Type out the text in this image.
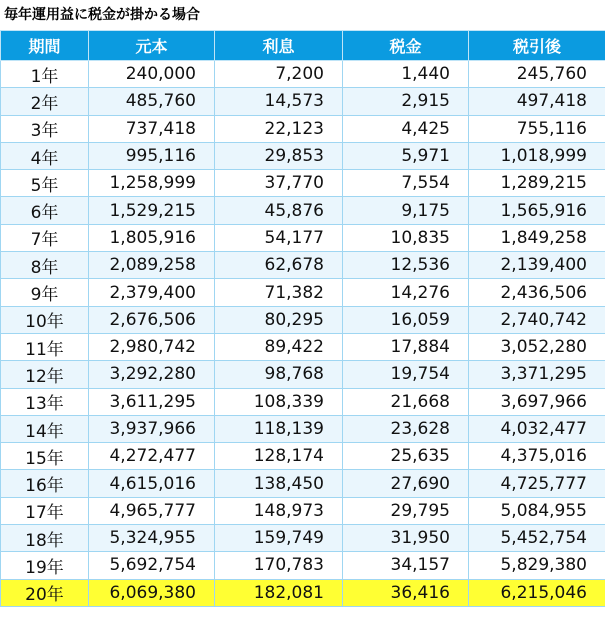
毎年運用益に税金が掛かる場合
期間	元本	利息	税金	税引後
1年	240,000	7,200	1,440	245,760
2年	485,760	14,573	2,915	497,418
3年	737,418	22,123	4,425	755,116
4年	995,116	29,853	5,971	1,018,999
5年	1,258,999	37,770	7,554	1,289,215
6年	1,529,215	45,876	9,175	1,565,916
7年	1,805,916	54,177	10,835	1,849,258
8年	2,089,258	62,678	12,536	2,139,400
9年	2,379,400	71,382	14,276	2,436,506
10年	2,676,506	80,295	16,059	2,740,742
11年	2,980,742	89,422	17,884	3,052,280
12年	3,292,280	98,768	19,754	3,371,295
13年	3,611,295	108,339	21,668	3,697,966
14年	3,937,966	118,139	23,628	4,032,477
15年	4,272,477	128,174	25,635	4,375,016
16年	4,615,016	138,450	27,690	4,725,777
17年	4,965,777	148,973	29,795	5,084,955
18年	5,324,955	159,749	31,950	5,452,754
19年	5,692,754	170,783	34,157	5,829,380
20年	6,069,380	182,081	36,416	6,215,046
